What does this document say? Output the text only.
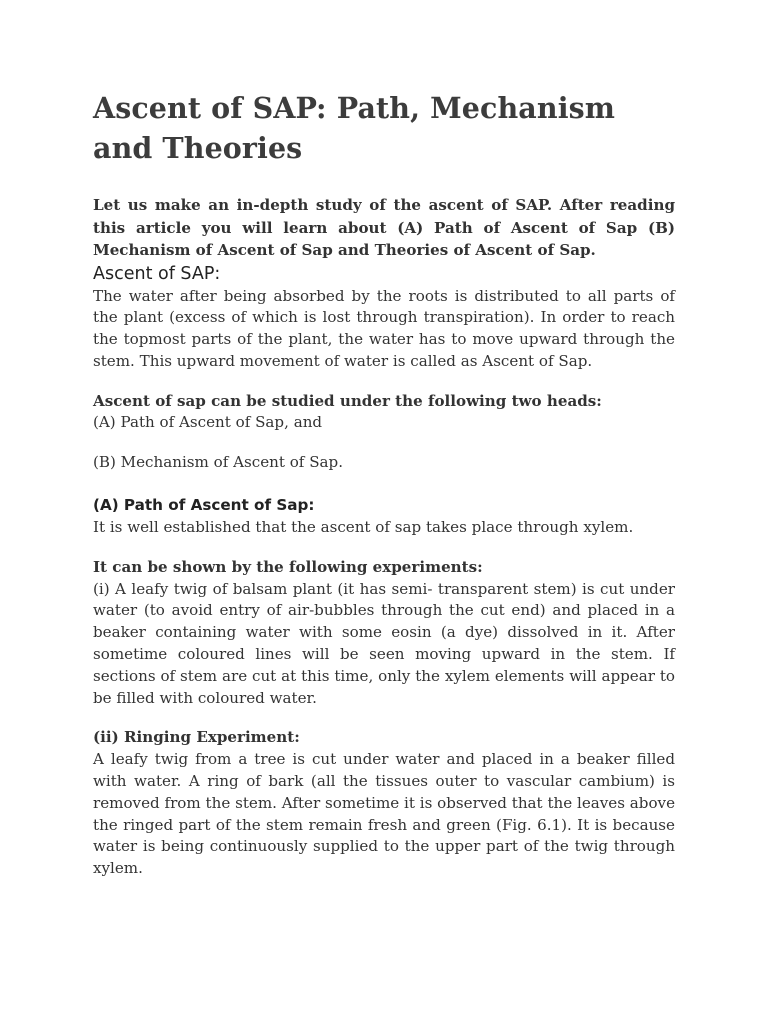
Ascent of SAP: Path, Mechanism and Theories

Let us make an in-depth study of the ascent of SAP. After reading this article you will learn about (A) Path of Ascent of Sap (B) Mechanism of Ascent of Sap and Theories of Ascent of Sap.

Ascent of SAP:

The water after being absorbed by the roots is distributed to all parts of the plant (excess of which is lost through transpiration). In order to reach the topmost parts of the plant, the water has to move upward through the stem. This upward movement of water is called as Ascent of Sap.

Ascent of sap can be studied under the following two heads:

(A) Path of Ascent of Sap, and

(B) Mechanism of Ascent of Sap.

(A) Path of Ascent of Sap:

It is well established that the ascent of sap takes place through xylem.

It can be shown by the following experiments:

(i) A leafy twig of balsam plant (it has semi- transparent stem) is cut under water (to avoid entry of air-bubbles through the cut end) and placed in a beaker containing water with some eosin (a dye) dissolved in it. After sometime coloured lines will be seen moving upward in the stem. If sections of stem are cut at this time, only the xylem elements will appear to be filled with coloured water.

(ii) Ringing Experiment:

A leafy twig from a tree is cut under water and placed in a beaker filled with water. A ring of bark (all the tissues outer to vascular cambium) is removed from the stem. After sometime it is observed that the leaves above the ringed part of the stem remain fresh and green (Fig. 6.1). It is because water is being continuously supplied to the upper part of the twig through xylem.
